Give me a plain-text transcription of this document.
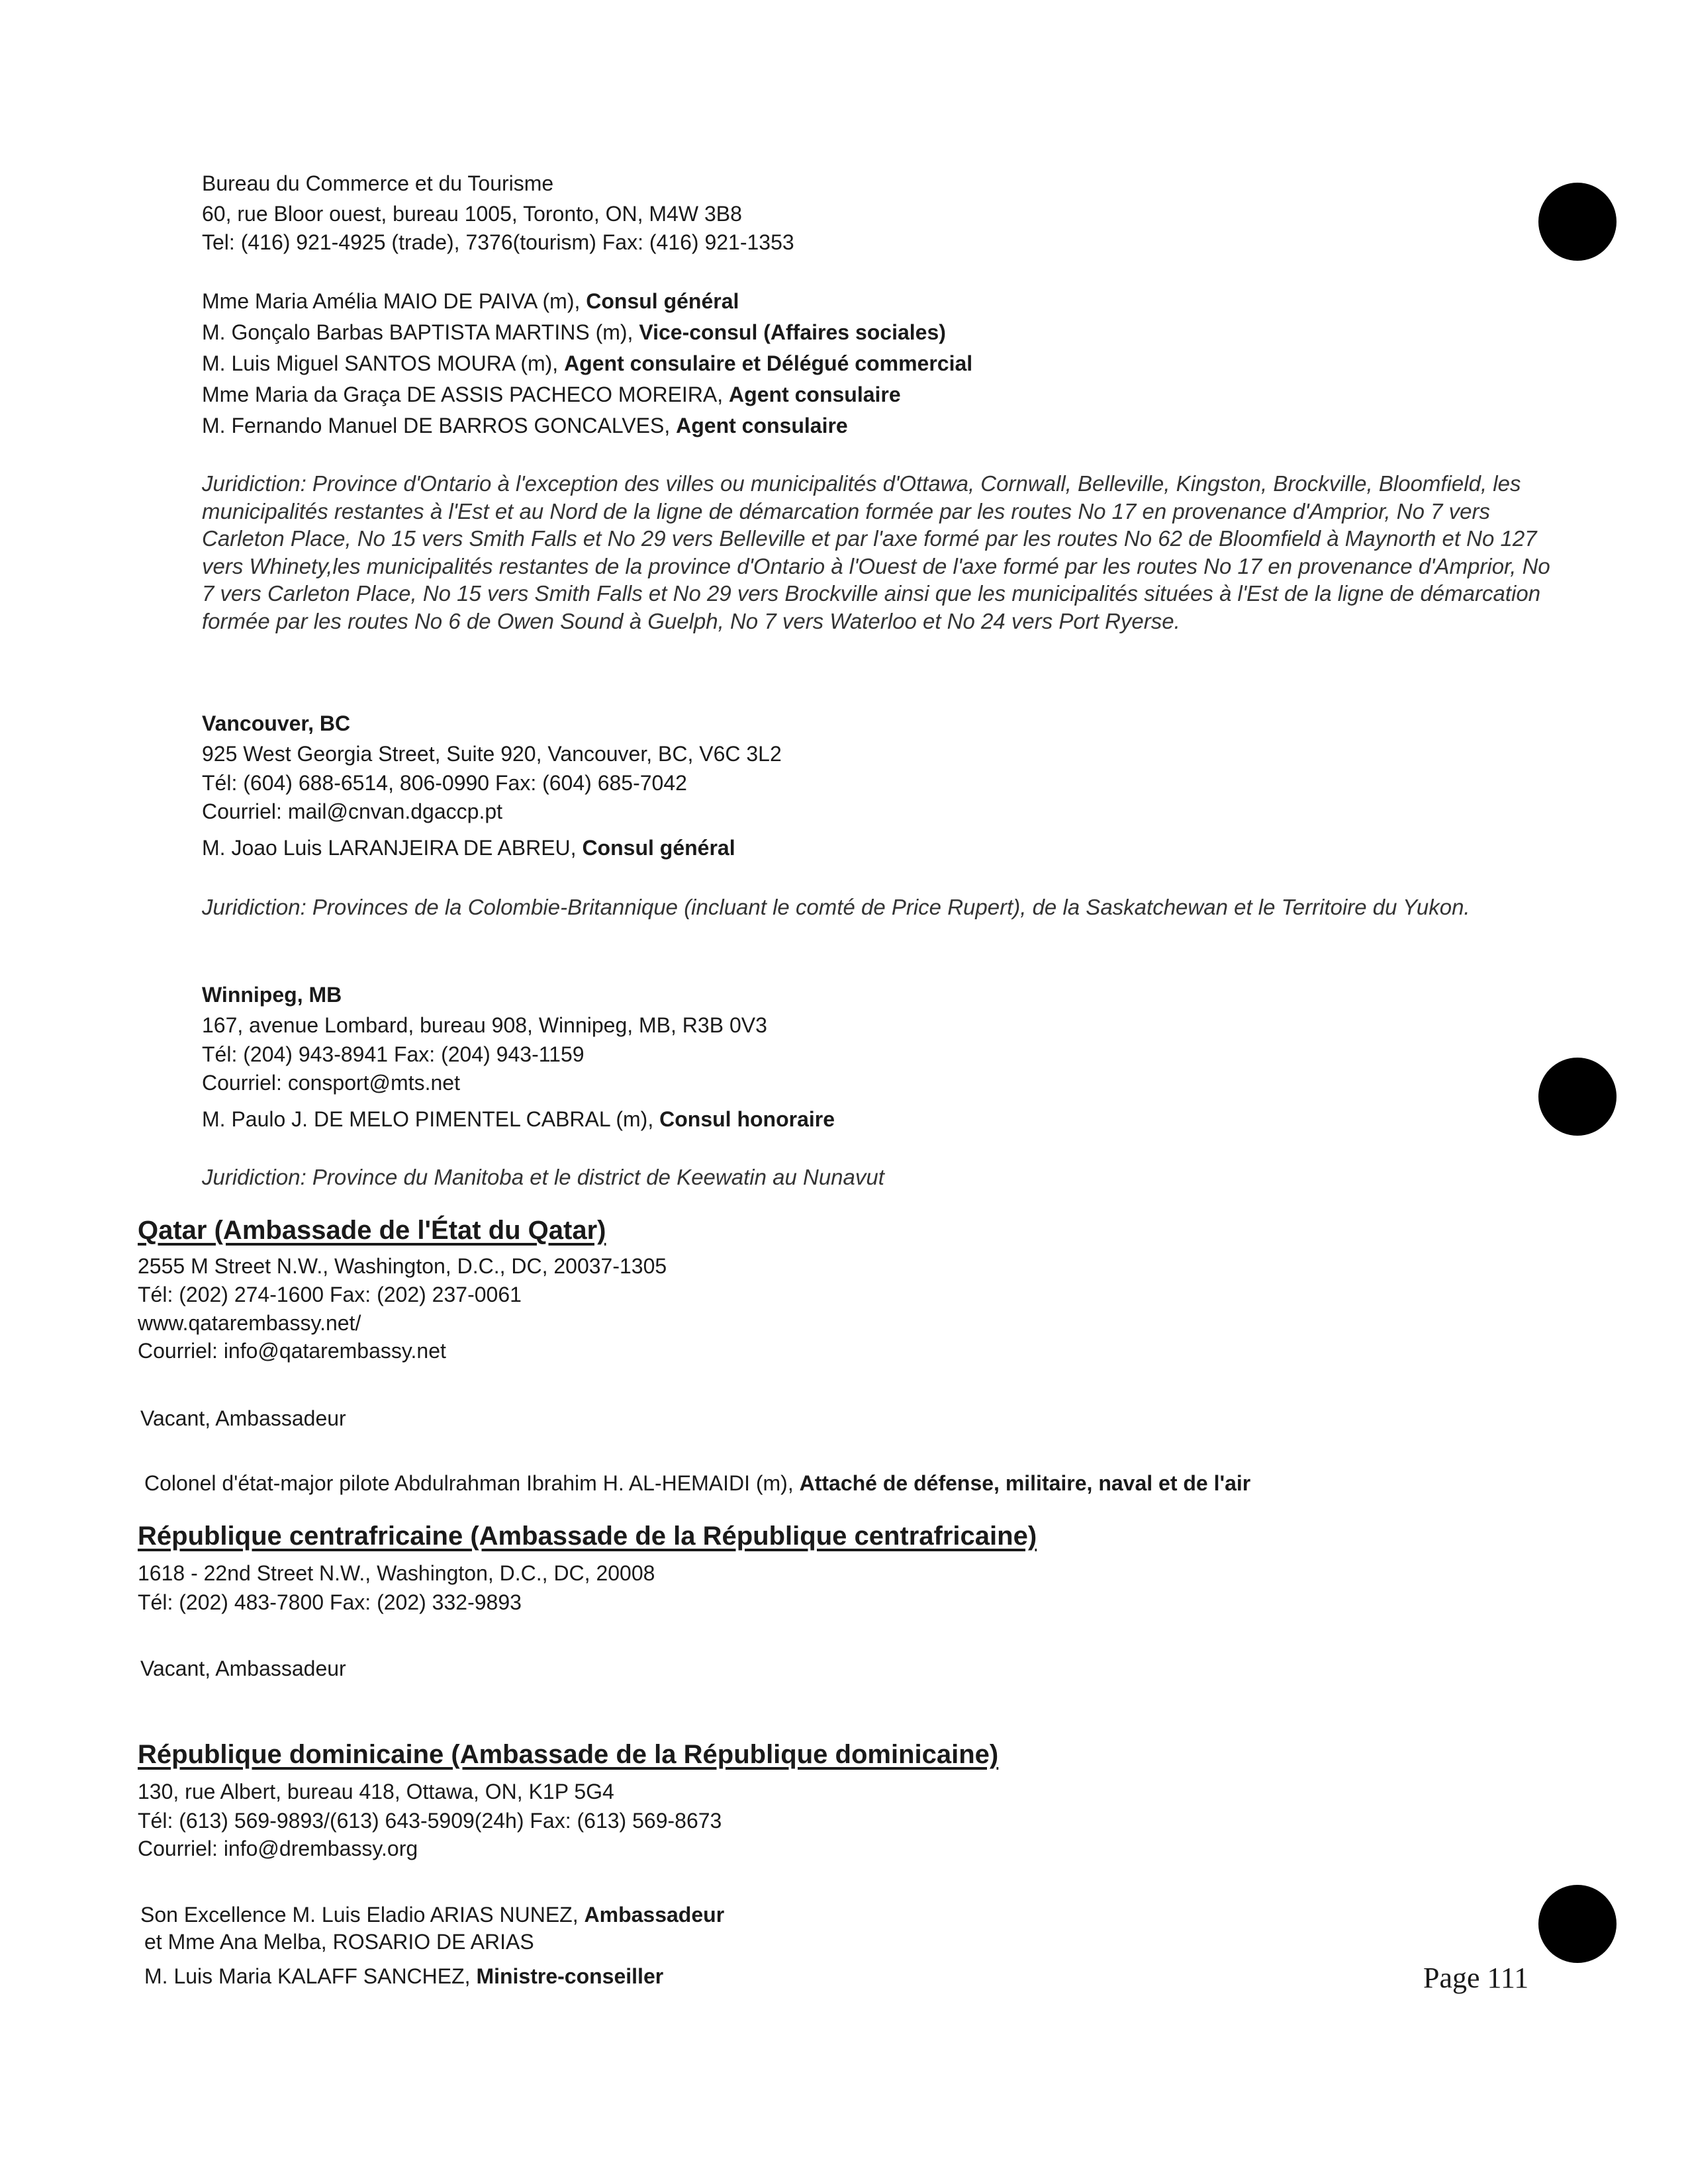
Bureau du Commerce et du Tourisme
60, rue Bloor ouest, bureau 1005, Toronto, ON, M4W 3B8
Tel: (416) 921-4925 (trade), 7376(tourism) Fax: (416) 921-1353
Mme Maria Amélia MAIO DE PAIVA (m), Consul général
M. Gonçalo Barbas BAPTISTA MARTINS (m), Vice-consul (Affaires sociales)
M. Luis Miguel SANTOS MOURA (m), Agent consulaire et Délégué commercial
Mme Maria da Graça DE ASSIS PACHECO MOREIRA, Agent consulaire
M. Fernando Manuel DE BARROS GONCALVES, Agent consulaire
Juridiction: Province d'Ontario à l'exception des villes ou municipalités d'Ottawa, Cornwall, Belleville, Kingston, Brockville, Bloomfield, les municipalités restantes à l'Est et au Nord de la ligne de démarcation formée par les routes No 17 en provenance d'Amprior, No 7 vers Carleton Place, No 15 vers Smith Falls et No 29 vers Belleville et par l'axe formé par les routes No 62 de Bloomfield à Maynorth et No 127 vers Whinety,les municipalités restantes de la province d'Ontario à l'Ouest de l'axe formé par les routes No 17 en provenance d'Amprior, No 7 vers Carleton Place, No 15 vers Smith Falls et No 29 vers Brockville ainsi que les municipalités situées à l'Est de la ligne de démarcation formée par les routes No 6 de Owen Sound à Guelph, No 7 vers Waterloo et No 24 vers Port Ryerse.
Vancouver, BC
925 West Georgia Street, Suite 920, Vancouver, BC, V6C 3L2
Tél: (604) 688-6514, 806-0990 Fax: (604) 685-7042
Courriel: mail@cnvan.dgaccp.pt
M. Joao Luis LARANJEIRA DE ABREU, Consul général
Juridiction: Provinces de la Colombie-Britannique (incluant le comté de Price Rupert), de la Saskatchewan et le Territoire du Yukon.
Winnipeg, MB
167, avenue Lombard, bureau 908, Winnipeg, MB, R3B 0V3
Tél: (204) 943-8941 Fax: (204) 943-1159
Courriel: consport@mts.net
M. Paulo J. DE MELO PIMENTEL CABRAL (m), Consul honoraire
Juridiction: Province du Manitoba et le district de Keewatin au Nunavut
Qatar (Ambassade de l'État du Qatar)
2555 M Street N.W., Washington, D.C., DC, 20037-1305
Tél: (202) 274-1600 Fax: (202) 237-0061
www.qatarembassy.net/
Courriel: info@qatarembassy.net
Vacant, Ambassadeur
Colonel d'état-major pilote Abdulrahman Ibrahim H. AL-HEMAIDI (m), Attaché de défense, militaire, naval et de l'air
République centrafricaine (Ambassade de la République centrafricaine)
1618 - 22nd Street N.W., Washington, D.C., DC, 20008
Tél: (202) 483-7800 Fax: (202) 332-9893
Vacant, Ambassadeur
République dominicaine (Ambassade de la République dominicaine)
130, rue Albert, bureau 418, Ottawa, ON, K1P 5G4
Tél: (613) 569-9893/(613) 643-5909(24h) Fax: (613) 569-8673
Courriel: info@drembassy.org
Son Excellence M. Luis Eladio ARIAS NUNEZ, Ambassadeur
et Mme Ana Melba, ROSARIO DE ARIAS
M. Luis Maria KALAFF SANCHEZ, Ministre-conseiller	Page 111
